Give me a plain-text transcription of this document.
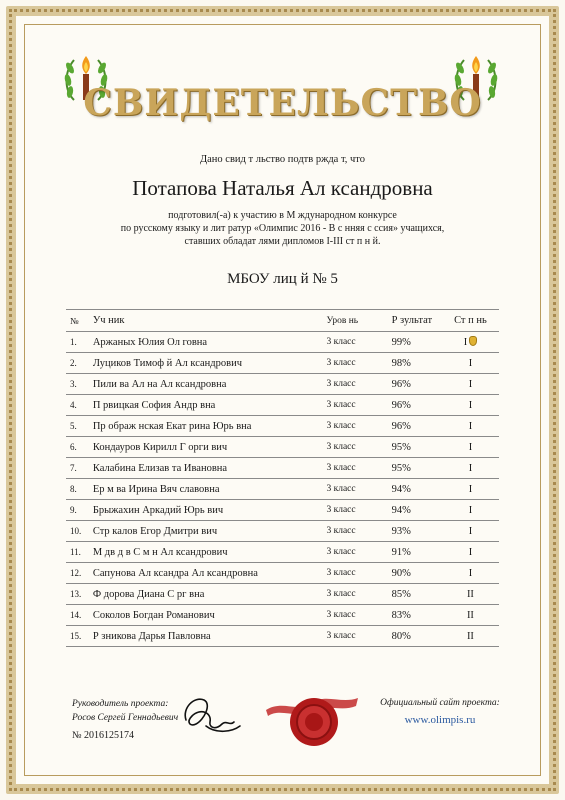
СВИДЕТЕЛЬСТВО
Дано свид т льство подтв ржда т, что
Потапова Наталья Ал ксандровна
подготовил(-а) к участию в М ждународном конкурсе
по русскому языку и лит ратур «Олимпис 2016 - В с нняя с ссия» учащихся,
ставших обладат лями дипломов I-III ст п н й.
МБОУ лиц й № 5
№	Уч ник	Уров нь	Р зультат	Ст п нь
1.	Аржаных Юлия Ол говна	3 класс	99%	I
2.	Луциков Тимоф й Ал ксандрович	3 класс	98%	I
3.	Пили ва Ал на Ал ксандровна	3 класс	96%	I
4.	П рвицкая София Андр вна	3 класс	96%	I
5.	Пр ображ нская Екат рина Юрь вна	3 класс	96%	I
6.	Кондауров Кирилл Г орги вич	3 класс	95%	I
7.	Калабина Елизав та Ивановна	3 класс	95%	I
8.	Ер м ва Ирина Вяч славовна	3 класс	94%	I
9.	Брыжахин Аркадий Юрь вич	3 класс	94%	I
10.	Стр калов Егор Дмитри вич	3 класс	93%	I
11.	М дв д в С м н Ал ксандрович	3 класс	91%	I
12.	Сапунова Ал ксандра Ал ксандровна	3 класс	90%	I
13.	Ф дорова Диана С рг вна	3 класс	85%	II
14.	Соколов Богдан Романович	3 класс	83%	II
15.	Р зникова Дарья Павловна	3 класс	80%	II
Руководитель проекта:
Росов Сергей Геннадьевич
№ 2016125174
Официальный сайт проекта:
www.olimpis.ru
